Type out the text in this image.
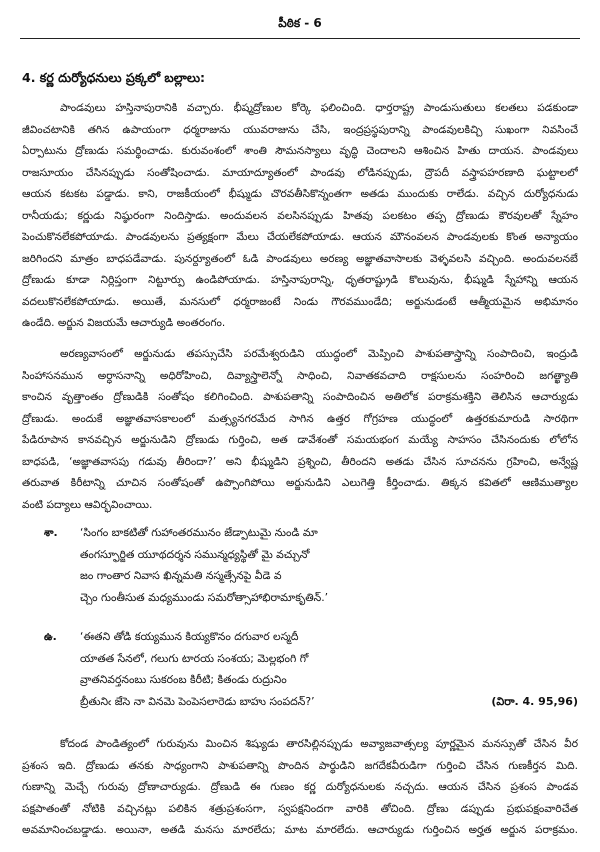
పీఠిక - 6
4. కర్ణ దుర్యోధనులు ప్రక్కలో బల్లాలు:
పాండవులు హస్తినాపురానికి వచ్చారు. భీష్మద్రోణుల కోర్కె ఫలించింది. ధార్తరాష్ట్ర పాండుసుతులు కలతలు పడకుండా
జీవించటానికి తగిన ఉపాయంగా ధర్మరాజును యువరాజును చేసి, ఇంద్రప్రస్థపురాన్ని పాండవులకిచ్చి సుఖంగా నివసించే
ఏర్పాటును ద్రోణుడు సమర్థించాడు. కురువంశంలో శాంతి సౌమనస్యాలు వృద్ధి చెందాలని ఆశించిన హితు దాయన. పాండవులు
రాజసూయం చేసినప్పుడు సంతోషించాడు. మాయాద్యూతంలో పాండవు లోడినప్పుడు, ద్రౌపదీ వస్త్రాపహరణాది ఘట్టాలలో
ఆయన కటకట పడ్డాడు. కాని, రాజకీయంలో భీష్ముడు చొరవతీసికొన్నంతగా అతడు ముందుకు రాలేడు. వచ్చిన దుర్యోధనుడు
రానీయడు; కర్ణుడు నిష్ఠురంగా నిందిస్తాడు. అందువలన వలసినప్పుడు హితవు పలకటం తప్ప ద్రోణుడు కౌరవులతో స్నేహం
పెంచుకొనలేకపోయాడు. పాండవులను ప్రత్యక్షంగా మేలు చేయలేకపోయాడు. ఆయన మౌనంవలన పాండవులకు కొంత అన్యాయం
జరిగిందని మాత్రం బాధపడేవాడు. పునర్ద్యూతంలో ఓడి పాండవులు అరణ్య అజ్ఞాతవాసాలకు వెళ్ళవలసి వచ్చింది. అందువలనబే
ద్రోణుడు కూడా నిర్లిప్తంగా నిట్టూర్పు ఉండిపోయాడు. హస్తినాపురాన్ని, ధృతరాష్ట్రుడి కొలువును, భీష్ముడి స్నేహాన్ని ఆయన
వదలుకొనలేకపోయాడు. అయితే, మనసులో ధర్మరాజంటే నిండు గౌరవముండేది; అర్జునుడంటే ఆత్మీయమైన అభిమానం
ఉండేది. అర్జున విజయమే ఆచార్యుడి అంతరంగం.
అరణ్యవాసంలో అర్జునుడు తపస్సుచేసి పరమేశ్వరుడిని యుద్ధంలో మెప్పించి పాశుపతాస్త్రాన్ని సంపాదించి, ఇంద్రుడి
సింహాసనమున అర్ధాసనాన్ని అధిరోహించి, దివ్యాస్త్రాలెన్నో సాధించి, నివాతకవచాది రాక్షసులను సంహరించి జగత్ఖ్యాతి
కాంచిన వృత్తాంతం ద్రోణుడికి సంతోషం కలిగించింది. పాశుపతాన్ని సంపాదించిన అతిలోక పరాక్రమశక్తిని తెలిసిన ఆచార్యుడు
ద్రోణుడు. అందుకే అజ్ఞాతవాసకాలంలో మత్స్యనగరమేద సాగిన ఉత్తర గోగ్రహణ యుద్ధంలో ఉత్తరకుమారుడి సారథిగా
పేడిరూపాన కానవచ్చిన అర్జునుడిని ద్రోణుడు గుర్తించి, అత డావేశంతో సమయభంగ మయ్యే సాహసం చేసినందుకు లోలోన
బాధపడి, ‘అజ్ఞాతవాసపు గడువు తీరిందా?’ అని భీష్ముడిని ప్రశ్నించి, తీరిందని అతడు చేసిన సూచనను గ్రహించి, అన్వేష్ణ
తరువాత కిరీటాన్ని చూచిన సంతోషంతో ఉప్పొంగిపోయి అర్జునుడిని ఎలుగెత్తి కీర్తించాడు. తిక్కన కవితలో ఆణిముత్యాల
వంటి పద్యాలు ఆవిర్భవించాయి.
శా. ‘సింగం బాకటితో గుహాంతరమునం జేడ్పాటుమై నుండి మా
తంగస్ఫూర్జిత యూథదర్శన సమున్మధ్యస్థితో మై వచ్చునో
జం గాంతార నివాస ఖిన్నమతి నస్మత్సేనపై వీడె వ
చ్చెం గుంతీసుత మధ్యముండు సమరోత్సాహాభిరామాకృతిన్.’
ఉ. ‘ఈతని తోడి కయ్యమున కియ్యకొనం దగువార లస్మదీ
యాతత సేనలో, గలుగు టారయ సంశయ; మెల్లభంగి గో
వ్రాతనివర్తనంబు సుకరంబ కిరీటి; కితండు రుద్రునిం
బ్రీతునిఁ జేసె నా వినమె పెంపెసలారెడు బాహు సంపదన్?’	(విరా. 4. 95,96)
కోదండ పాండిత్యంలో గురువును మించిన శిష్యుడు తారసిల్లినప్పుడు అవ్యాజవాత్సల్య పూర్ణమైన మనస్సుతో చేసిన వీర
ప్రశంస ఇది. ద్రోణుడు తనకు సాధ్యంగాని పాశుపతాన్ని పొందిన పార్థుడిని జగదేకవీరుడిగా గుర్తించి చేసిన గుణకీర్తన మిది.
గుణాన్ని మెచ్చే గురువు ద్రోణాచార్యుడు. ద్రోణుడి ఈ గుణం కర్ణ దుర్యోధనులకు నచ్చదు. ఆయన చేసిన ప్రశంస పాండవ
పక్షపాతంతో నోటికి వచ్చినట్లు పలికిన శత్రుప్రశంసగా, స్వపక్షనిందగా వారికి తోచింది. ద్రోణు డప్పుడు ప్రభుపక్షంవారిచేత
అవమానించబడ్డాడు. అయినా, అతడి మనసు మారలేదు; మాట మారలేదు. ఆచార్యుడు గుర్తించిన అర్హత అర్జున పరాక్రమం.
